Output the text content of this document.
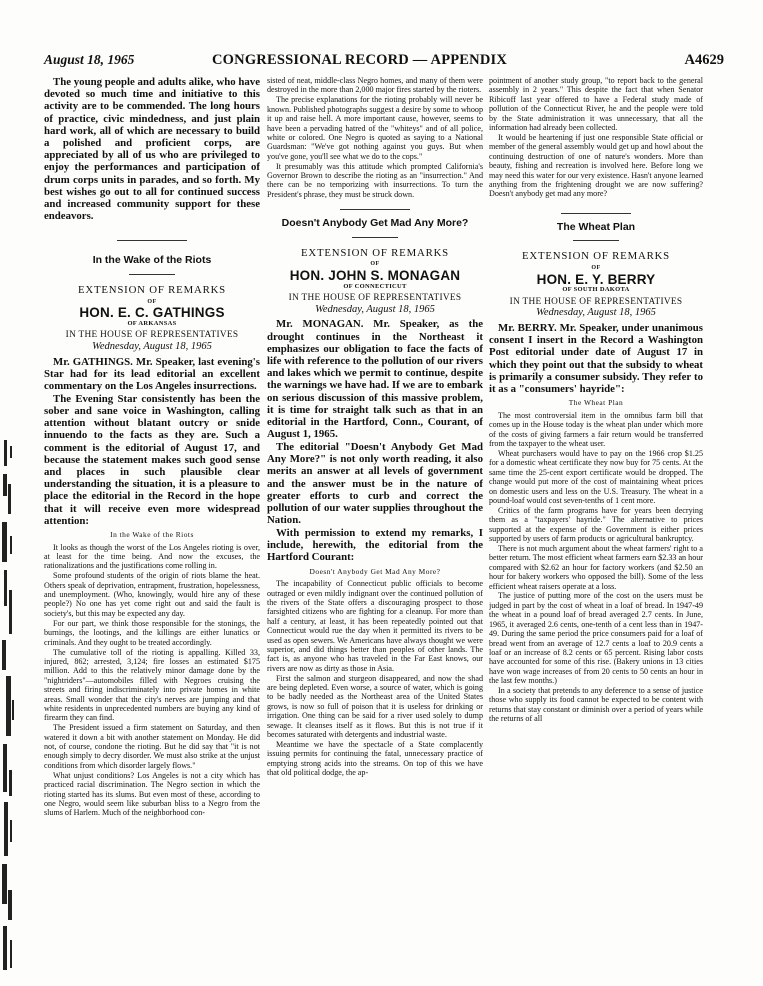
August 18, 1965	CONGRESSIONAL RECORD — APPENDIX	A4629

The young people and adults alike, who have devoted so much time and initiative to this activity are to be commended. The long hours of practice, civic mindedness, and just plain hard work, all of which are necessary to build a polished and proficient corps, are appreciated by all of us who are privileged to enjoy the performances and participation of drum corps units in parades, and so forth. My best wishes go out to all for continued success and increased community support for these endeavors.

In the Wake of the Riots
EXTENSION OF REMARKS
OF
HON. E. C. GATHINGS
OF ARKANSAS
IN THE HOUSE OF REPRESENTATIVES
Wednesday, August 18, 1965

Mr. GATHINGS. Mr. Speaker, last evening's Star had for its lead editorial an excellent commentary on the Los Angeles insurrections.

The Evening Star consistently has been the sober and sane voice in Washington, calling attention without blatant outcry or snide innuendo to the facts as they are. Such a comment is the editorial of August 17, and because the statement makes such good sense and places in such plausible clear understanding the situation, it is a pleasure to place the editorial in the Record in the hope that it will receive even more widespread attention:

In the Wake of the Riots

It looks as though the worst of the Los Angeles rioting is over, at least for the time being. And now the excuses, the rationalizations and the justifications come rolling in.

Some profound students of the origin of riots blame the heat. Others speak of deprivation, entrapment, frustration, hopelessness, and unemployment. (Who, knowingly, would hire any of these people?) No one has yet come right out and said the fault is society's, but this may be expected any day.

For our part, we think those responsible for the stonings, the burnings, the lootings, and the killings are either lunatics or criminals. And they ought to be treated accordingly.

The cumulative toll of the rioting is appalling. Killed 33, injured, 862; arrested, 3,124; fire losses an estimated $175 million. Add to this the relatively minor damage done by the "nightriders"—automobiles filled with Negroes cruising the streets and firing indiscriminately into private homes in white areas. Small wonder that the city's nerves are jumping and that white residents in unprecedented numbers are buying any kind of firearm they can find.

The President issued a firm statement on Saturday, and then watered it down a bit with another statement on Monday. He did not, of course, condone the rioting. But he did say that "it is not enough simply to decry disorder. We must also strike at the unjust conditions from which disorder largely flows."

What unjust conditions? Los Angeles is not a city which has practiced racial discrimination. The Negro section in which the rioting started has its slums. But even most of these, according to one Negro, would seem like suburban bliss to a Negro from the slums of Harlem. Much of the neighborhood con-

sisted of neat, middle-class Negro homes, and many of them were destroyed in the more than 2,000 major fires started by the rioters.

The precise explanations for the rioting probably will never be known. Published photographs suggest a desire by some to whoop it up and raise hell. A more important cause, however, seems to have been a pervading hatred of the "whiteys" and of all police, white or colored. One Negro is quoted as saying to a National Guardsman: "We've got nothing against you guys. But when you've gone, you'll see what we do to the cops."

It presumably was this attitude which prompted California's Governor Brown to describe the rioting as an "insurrection." And there can be no temporizing with insurrections. To turn the President's phrase, they must be struck down.

Doesn't Anybody Get Mad Any More?
EXTENSION OF REMARKS
OF
HON. JOHN S. MONAGAN
OF CONNECTICUT
IN THE HOUSE OF REPRESENTATIVES
Wednesday, August 18, 1965

Mr. MONAGAN. Mr. Speaker, as the drought continues in the Northeast it emphasizes our obligation to face the facts of life with reference to the pollution of our rivers and lakes which we permit to continue, despite the warnings we have had. If we are to embark on serious discussion of this massive problem, it is time for straight talk such as that in an editorial in the Hartford, Conn., Courant, of August 1, 1965.

The editorial "Doesn't Anybody Get Mad Any More?" is not only worth reading, it also merits an answer at all levels of government and the answer must be in the nature of greater efforts to curb and correct the pollution of our water supplies throughout the Nation.

With permission to extend my remarks, I include, herewith, the editorial from the Hartford Courant:

Doesn't Anybody Get Mad Any More?

The incapability of Connecticut public officials to become outraged or even mildly indignant over the continued pollution of the rivers of the State offers a discouraging prospect to those farsighted citizens who are fighting for a cleanup. For more than half a century, at least, it has been repeatedly pointed out that Connecticut would rue the day when it permitted its rivers to be used as open sewers. We Americans have always thought we were superior, and did things better than peoples of other lands. The fact is, as anyone who has traveled in the Far East knows, our rivers are now as dirty as those in Asia.

First the salmon and sturgeon disappeared, and now the shad are being depleted. Even worse, a source of water, which is going to be badly needed as the Northeast area of the United States grows, is now so full of poison that it is useless for drinking or irrigation. One thing can be said for a river used solely to dump sewage. It cleanses itself as it flows. But this is not true if it becomes saturated with detergents and industrial waste.

Meantime we have the spectacle of a State complacently issuing permits for continuing the fatal, unnecessary practice of emptying strong acids into the streams. On top of this we have that old political dodge, the ap-

pointment of another study group, "to report back to the general assembly in 2 years." This despite the fact that when Senator Ribicoff last year offered to have a Federal study made of pollution of the Connecticut River, he and the people were told by the State administration it was unnecessary, that all the information had already been collected.

It would be heartening if just one responsible State official or member of the general assembly would get up and howl about the continuing destruction of one of nature's wonders. More than beauty, fishing and recreation is involved here. Before long we may need this water for our very existence. Hasn't anyone learned anything from the frightening drought we are now suffering? Doesn't anybody get mad any more?

The Wheat Plan
EXTENSION OF REMARKS
OF
HON. E. Y. BERRY
OF SOUTH DAKOTA
IN THE HOUSE OF REPRESENTATIVES
Wednesday, August 18, 1965

Mr. BERRY. Mr. Speaker, under unanimous consent I insert in the Record a Washington Post editorial under date of August 17 in which they point out that the subsidy to wheat is primarily a consumer subsidy. They refer to it as a "consumers' hayride":

The Wheat Plan

The most controversial item in the omnibus farm bill that comes up in the House today is the wheat plan under which more of the costs of giving farmers a fair return would be transferred from the taxpayer to the wheat user.

Wheat purchasers would have to pay on the 1966 crop $1.25 for a domestic wheat certificate they now buy for 75 cents. At the same time the 25-cent export certificate would be dropped. The change would put more of the cost of maintaining wheat prices on domestic users and less on the U.S. Treasury. The wheat in a pound-loaf would cost seven-tenths of 1 cent more.

Critics of the farm programs have for years been decrying them as a "taxpayers' hayride." The alternative to prices supported at the expense of the Government is either prices supported by users of farm products or agricultural bankruptcy.

There is not much argument about the wheat farmers' right to a better return. The most efficient wheat farmers earn $2.33 an hour compared with $2.62 an hour for factory workers (and $2.50 an hour for bakery workers who opposed the bill). Some of the less efficient wheat raisers operate at a loss.

The justice of putting more of the cost on the users must be judged in part by the cost of wheat in a loaf of bread. In 1947-49 the wheat in a pound loaf of bread averaged 2.7 cents. In June, 1965, it averaged 2.6 cents, one-tenth of a cent less than in 1947-49. During the same period the price consumers paid for a loaf of bread went from an average of 12.7 cents a loaf to 20.9 cents a loaf or an increase of 8.2 cents or 65 percent. Rising labor costs have accounted for some of this rise. (Bakery unions in 13 cities have won wage increases of from 20 cents to 50 cents an hour in the last few months.)

In a society that pretends to any deference to a sense of justice those who supply its food cannot be expected to be content with returns that stay constant or diminish over a period of years while the returns of all
